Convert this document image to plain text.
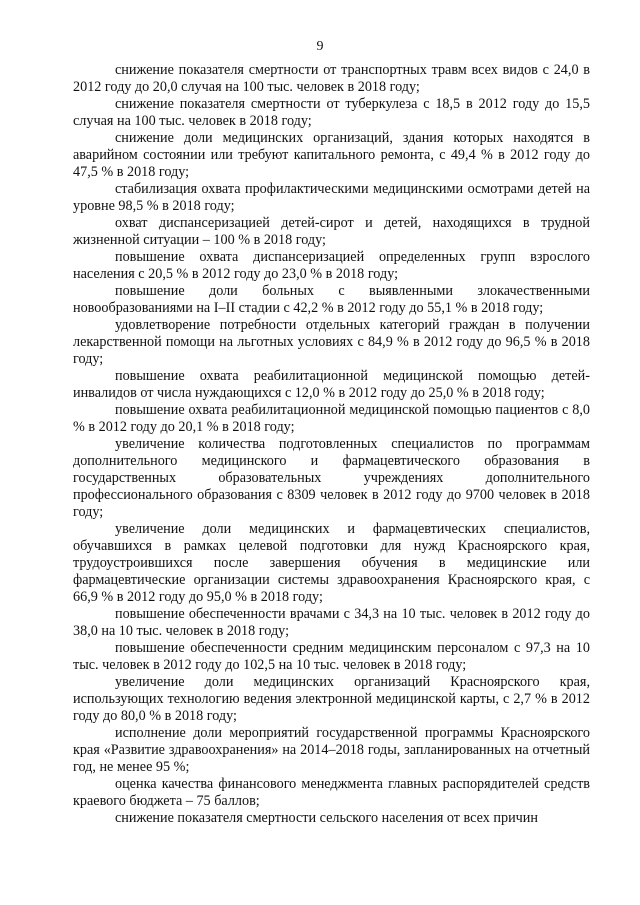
9

снижение показателя смертности от транспортных травм всех видов с 24,0 в 2012 году до 20,0 случая на 100 тыс. человек в 2018 году;

снижение показателя смертности от туберкулеза с 18,5 в 2012 году до 15,5 случая на 100 тыс. человек в 2018 году;

снижение доли медицинских организаций, здания которых находятся в аварийном состоянии или требуют капитального ремонта, с 49,4 % в 2012 году до 47,5 % в 2018 году;

стабилизация охвата профилактическими медицинскими осмотрами детей на уровне 98,5 % в 2018 году;

охват диспансеризацией детей-сирот и детей, находящихся в трудной жизненной ситуации – 100 % в 2018 году;

повышение охвата диспансеризацией определенных групп взрослого населения с 20,5 % в 2012 году до 23,0 % в 2018 году;

повышение доли больных с выявленными злокачественными новообразованиями на I–II стадии с 42,2 % в 2012 году до 55,1 % в 2018 году;

удовлетворение потребности отдельных категорий граждан в получении лекарственной помощи на льготных условиях с 84,9 % в 2012 году до 96,5 % в 2018 году;

повышение охвата реабилитационной медицинской помощью детей-инвалидов от числа нуждающихся с 12,0 % в 2012 году до 25,0 % в 2018 году;

повышение охвата реабилитационной медицинской помощью пациентов с 8,0 % в 2012 году до 20,1 % в 2018 году;

увеличение количества подготовленных специалистов по программам дополнительного медицинского и фармацевтического образования в государственных образовательных учреждениях дополнительного профессионального образования с 8309 человек в 2012 году до 9700 человек в 2018 году;

увеличение доли медицинских и фармацевтических специалистов, обучавшихся в рамках целевой подготовки для нужд Красноярского края, трудоустроившихся после завершения обучения в медицинские или фармацевтические организации системы здравоохранения Красноярского края, с 66,9 % в 2012 году до 95,0 % в 2018 году;

повышение обеспеченности врачами с 34,3 на 10 тыс. человек в 2012 году до 38,0 на 10 тыс. человек в 2018 году;

повышение обеспеченности средним медицинским персоналом с 97,3 на 10 тыс. человек в 2012 году до 102,5 на 10 тыс. человек в 2018 году;

увеличение доли медицинских организаций Красноярского края, использующих технологию ведения электронной медицинской карты, с 2,7 % в 2012 году до 80,0 % в 2018 году;

исполнение доли мероприятий государственной программы Красноярского края «Развитие здравоохранения» на 2014–2018 годы, запланированных на отчетный год, не менее 95 %;

оценка качества финансового менеджмента главных распорядителей средств краевого бюджета – 75 баллов;

снижение показателя смертности сельского населения от всех причин
